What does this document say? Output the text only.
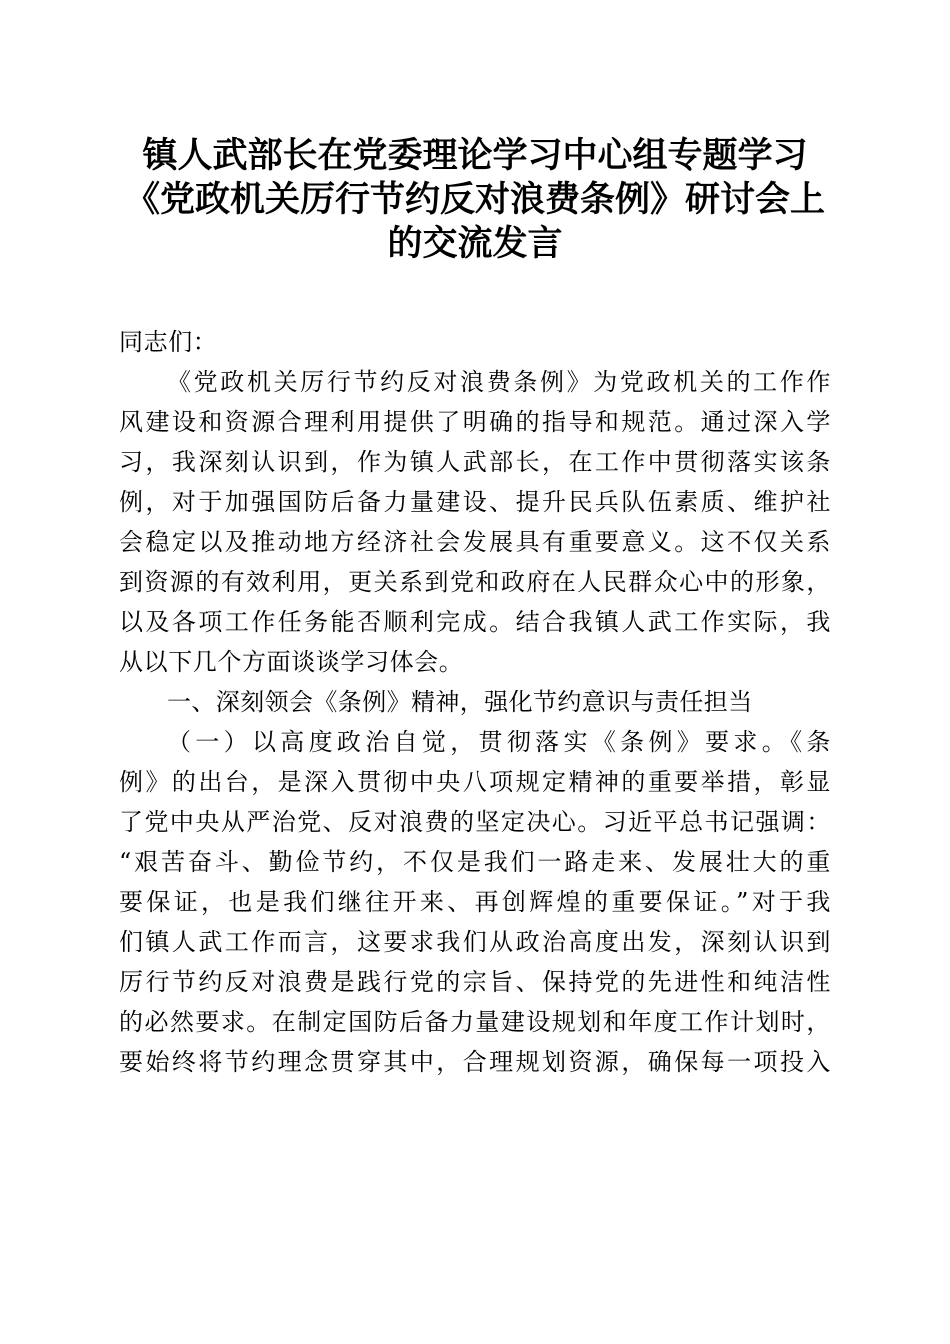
镇人武部长在党委理论学习中心组专题学习
《党政机关厉行节约反对浪费条例》研讨会上
的交流发言
同志们：
《党政机关厉行节约反对浪费条例》为党政机关的工作作
风建设和资源合理利用提供了明确的指导和规范。通过深入学
习，我深刻认识到，作为镇人武部长，在工作中贯彻落实该条
例，对于加强国防后备力量建设、提升民兵队伍素质、维护社
会稳定以及推动地方经济社会发展具有重要意义。这不仅关系
到资源的有效利用，更关系到党和政府在人民群众心中的形象，
以及各项工作任务能否顺利完成。结合我镇人武工作实际，我
从以下几个方面谈谈学习体会。
一、深刻领会《条例》精神，强化节约意识与责任担当
（一）以高度政治自觉，贯彻落实《条例》要求。《条
例》的出台，是深入贯彻中央八项规定精神的重要举措，彰显
了党中央从严治党、反对浪费的坚定决心。习近平总书记强调：
“艰苦奋斗、勤俭节约，不仅是我们一路走来、发展壮大的重
要保证，也是我们继往开来、再创辉煌的重要保证。”对于我
们镇人武工作而言，这要求我们从政治高度出发，深刻认识到
厉行节约反对浪费是践行党的宗旨、保持党的先进性和纯洁性
的必然要求。在制定国防后备力量建设规划和年度工作计划时，
要始终将节约理念贯穿其中，合理规划资源，确保每一项投入
